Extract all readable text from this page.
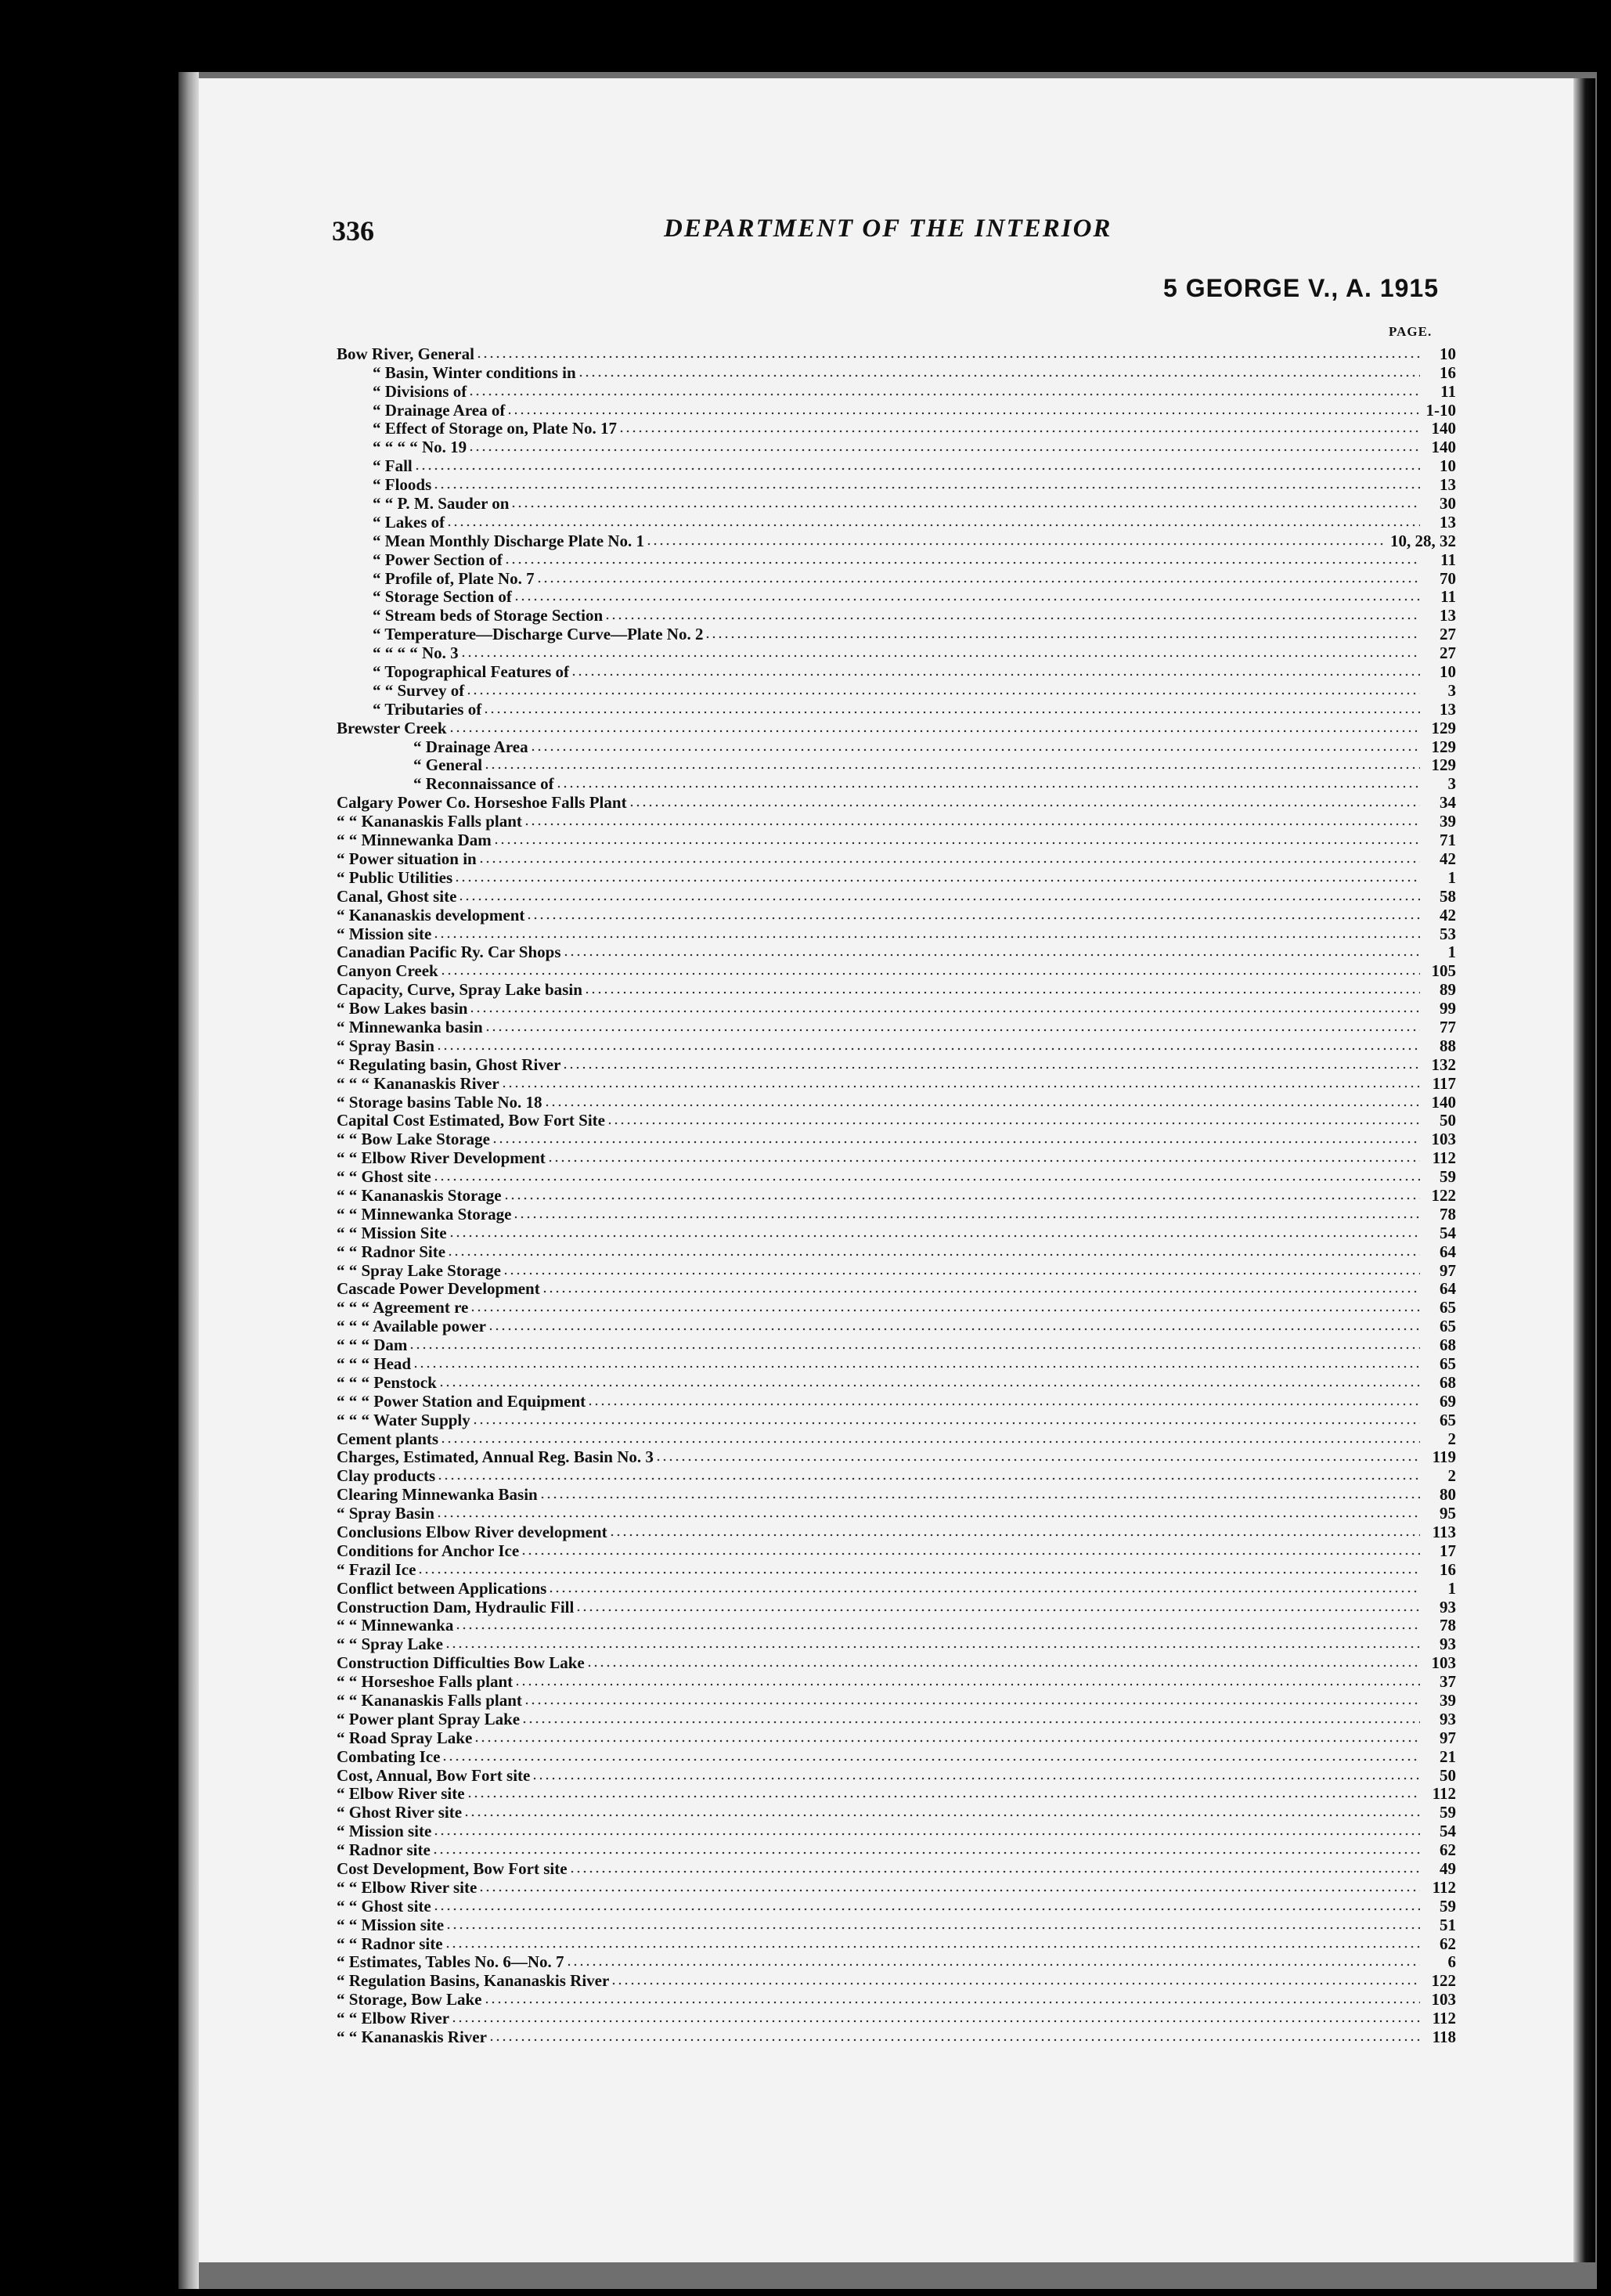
336	DEPARTMENT OF THE INTERIOR
5 GEORGE V., A. 1915
PAGE.
Bow River, General	10
“ Basin, Winter conditions in	16
“ Divisions of	11
“ Drainage Area of	1-10
“ Effect of Storage on, Plate No. 17	140
“ “ “ “ No. 19	140
“ Fall	10
“ Floods	13
“ “ P. M. Sauder on	30
“ Lakes of	13
“ Mean Monthly Discharge Plate No. 1	10, 28, 32
“ Power Section of	11
“ Profile of, Plate No. 7	70
“ Storage Section of	11
“ Stream beds of Storage Section	13
“ Temperature—Discharge Curve—Plate No. 2	27
“ “ “ “ No. 3	27
“ Topographical Features of	10
“ “ Survey of	3
“ Tributaries of	13
Brewster Creek	129
“ Drainage Area	129
“ General	129
“ Reconnaissance of	3
Calgary Power Co. Horseshoe Falls Plant	34
“ “ Kananaskis Falls plant	39
“ “ Minnewanka Dam	71
“ Power situation in	42
“ Public Utilities	1
Canal, Ghost site	58
“ Kananaskis development	42
“ Mission site	53
Canadian Pacific Ry. Car Shops	1
Canyon Creek	105
Capacity, Curve, Spray Lake basin	89
“ Bow Lakes basin	99
“ Minnewanka basin	77
“ Spray Basin	88
“ Regulating basin, Ghost River	132
“ “ “ Kananaskis River	117
“ Storage basins Table No. 18	140
Capital Cost Estimated, Bow Fort Site	50
“ “ Bow Lake Storage	103
“ “ Elbow River Development	112
“ “ Ghost site	59
“ “ Kananaskis Storage	122
“ “ Minnewanka Storage	78
“ “ Mission Site	54
“ “ Radnor Site	64
“ “ Spray Lake Storage	97
Cascade Power Development	64
“ “ “ Agreement re	65
“ “ “ Available power	65
“ “ “ Dam	68
“ “ “ Head	65
“ “ “ Penstock	68
“ “ “ Power Station and Equipment	69
“ “ “ Water Supply	65
Cement plants	2
Charges, Estimated, Annual Reg. Basin No. 3	119
Clay products	2
Clearing Minnewanka Basin	80
“ Spray Basin	95
Conclusions Elbow River development	113
Conditions for Anchor Ice	17
“ Frazil Ice	16
Conflict between Applications	1
Construction Dam, Hydraulic Fill	93
“ “ Minnewanka	78
“ “ Spray Lake	93
Construction Difficulties Bow Lake	103
“ “ Horseshoe Falls plant	37
“ “ Kananaskis Falls plant	39
“ Power plant Spray Lake	93
“ Road Spray Lake	97
Combating Ice	21
Cost, Annual, Bow Fort site	50
“ Elbow River site	112
“ Ghost River site	59
“ Mission site	54
“ Radnor site	62
Cost Development, Bow Fort site	49
“ “ Elbow River site	112
“ “ Ghost site	59
“ “ Mission site	51
“ “ Radnor site	62
“ Estimates, Tables No. 6—No. 7	6
“ Regulation Basins, Kananaskis River	122
“ Storage, Bow Lake	103
“ “ Elbow River	112
“ “ Kananaskis River	118
